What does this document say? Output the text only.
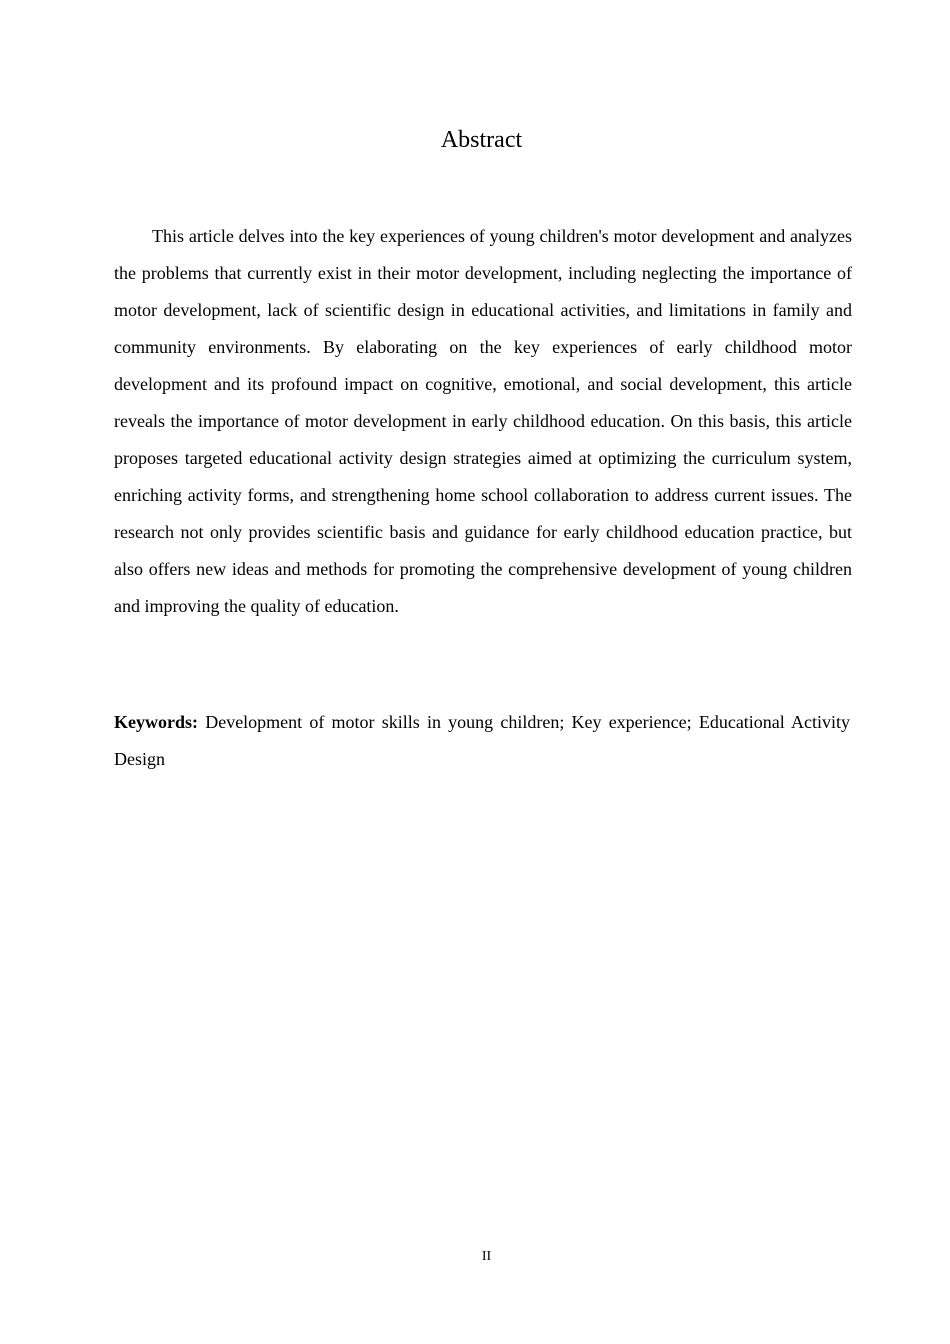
Abstract

This article delves into the key experiences of young children's motor development and analyzes the problems that currently exist in their motor development, including neglecting the importance of motor development, lack of scientific design in educational activities, and limitations in family and community environments. By elaborating on the key experiences of early childhood motor development and its profound impact on cognitive, emotional, and social development, this article reveals the importance of motor development in early childhood education. On this basis, this article proposes targeted educational activity design strategies aimed at optimizing the curriculum system, enriching activity forms, and strengthening home school collaboration to address current issues. The research not only provides scientific basis and guidance for early childhood education practice, but also offers new ideas and methods for promoting the comprehensive development of young children and improving the quality of education.

Keywords: Development of motor skills in young children; Key experience; Educational Activity Design

II
